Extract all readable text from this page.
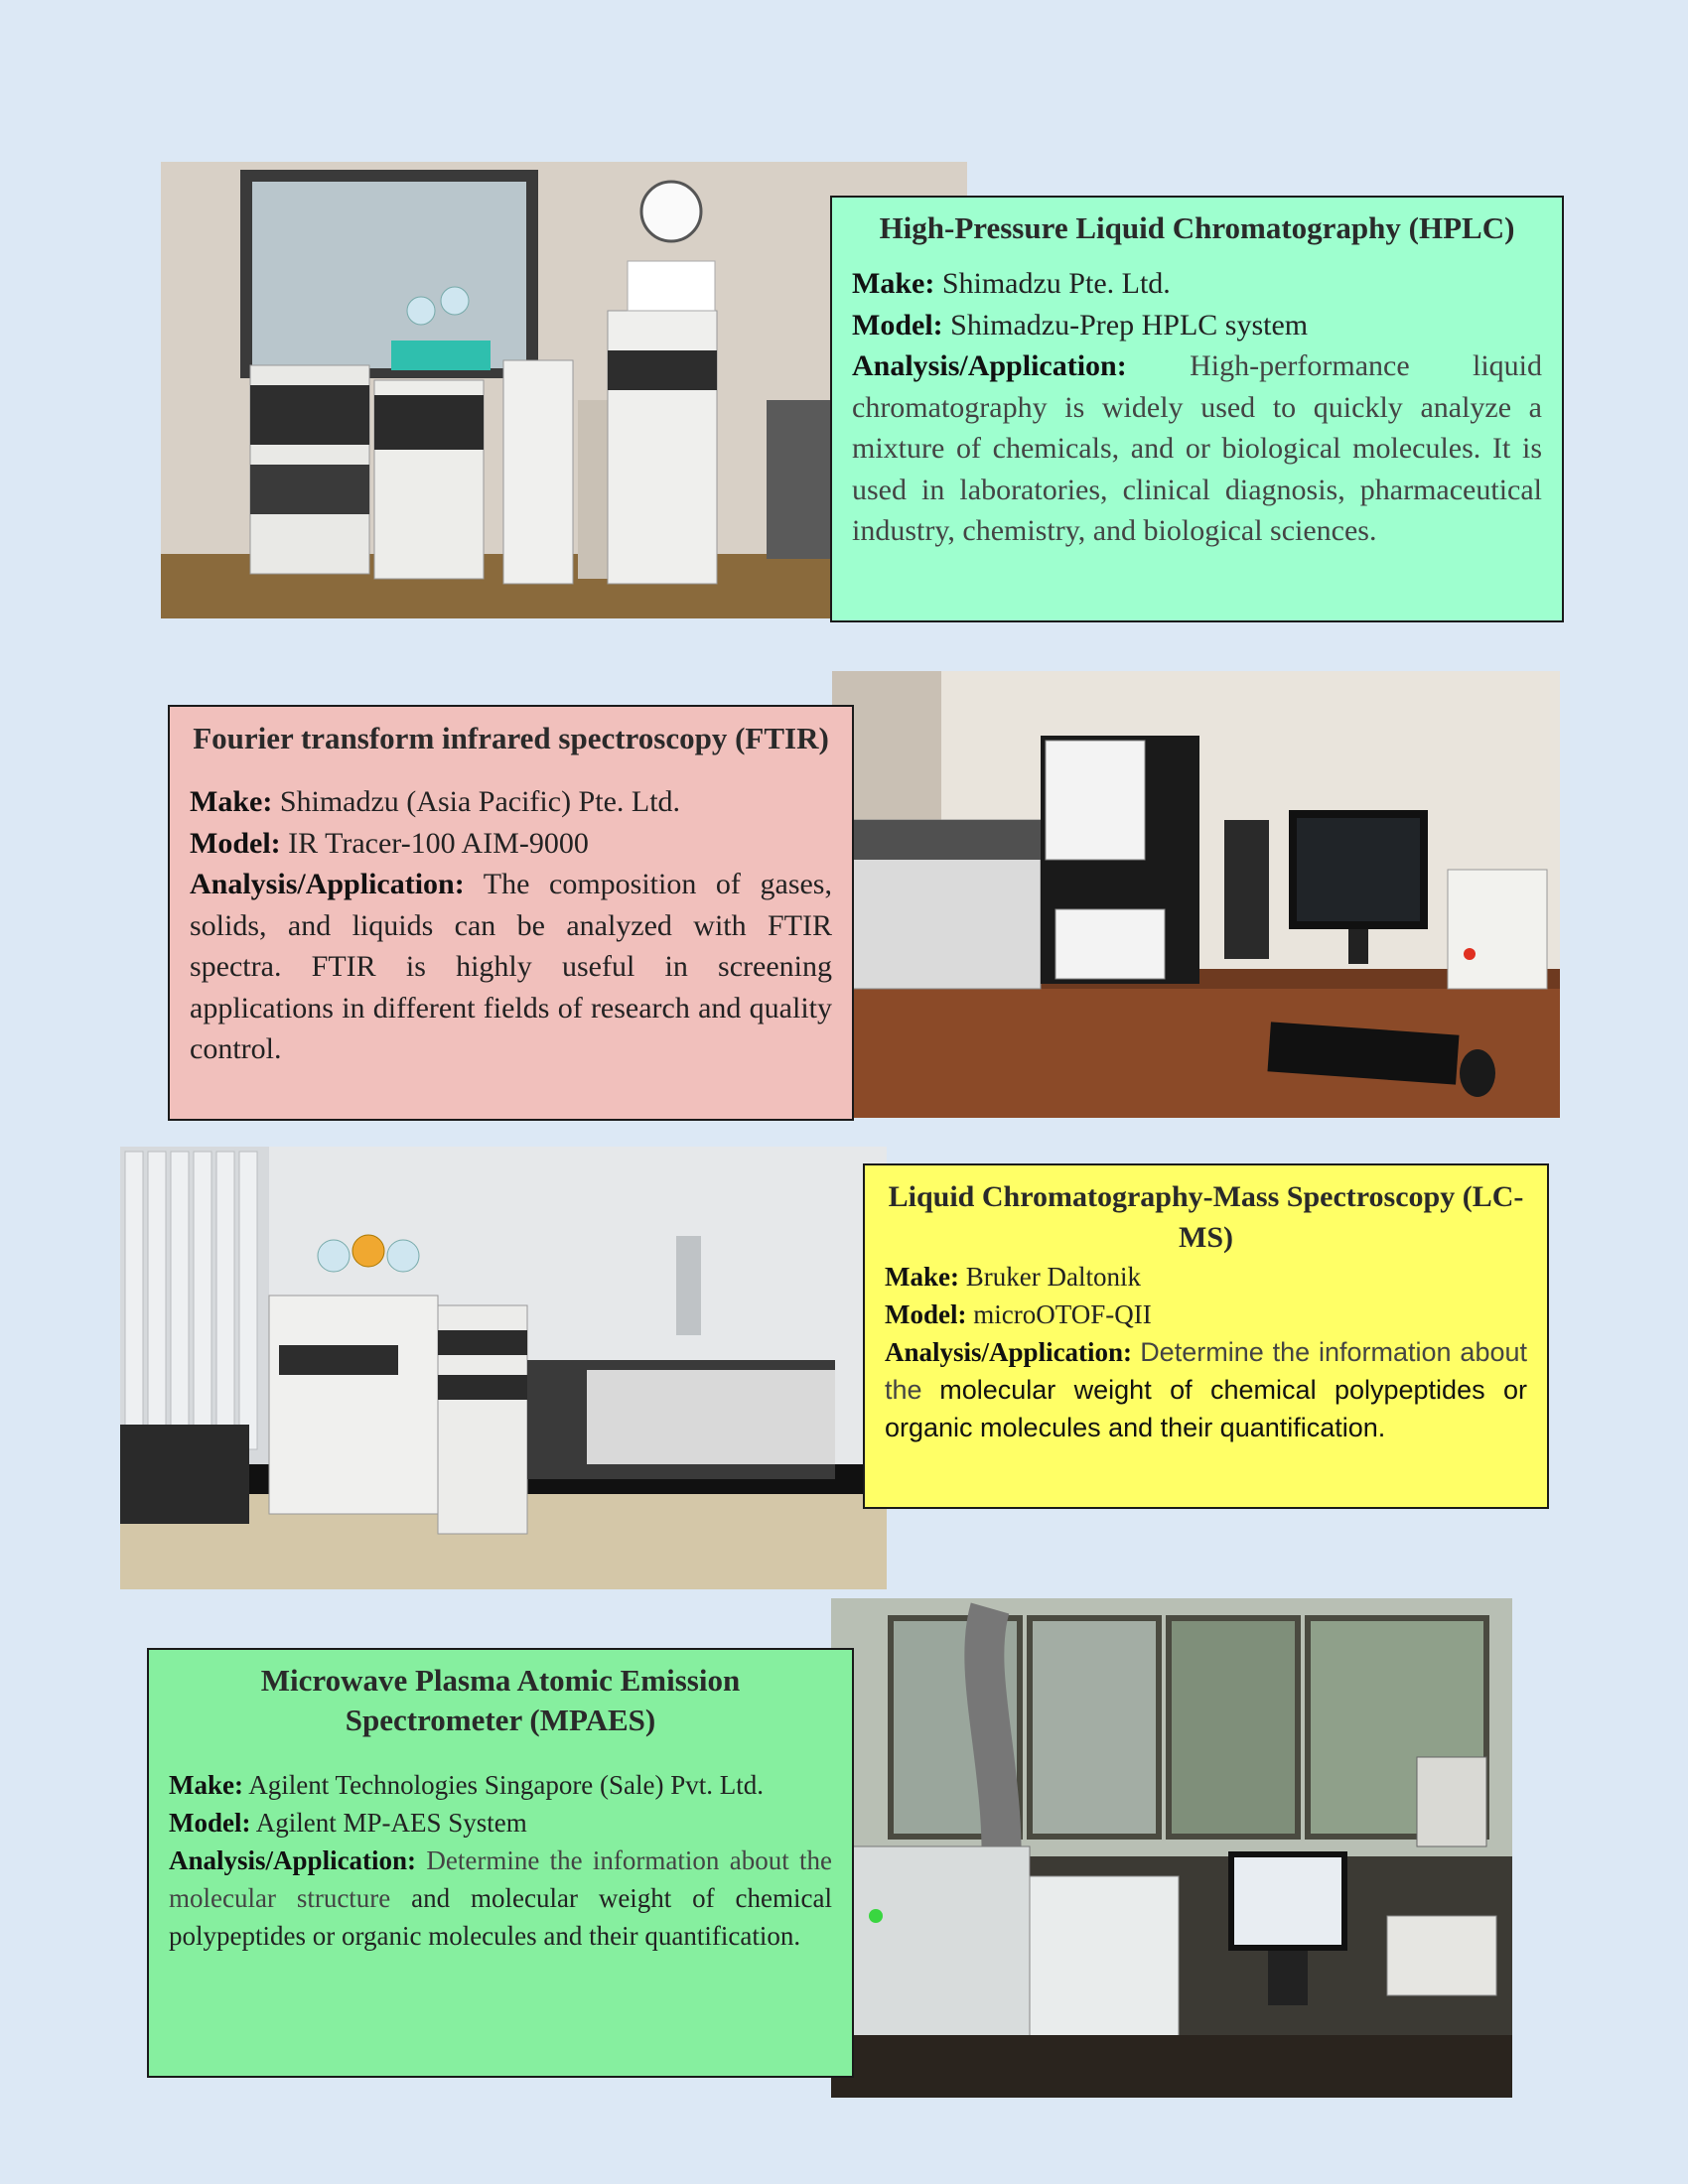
High-Pressure Liquid Chromatography (HPLC)

Make: Shimadzu Pte. Ltd.

Model: Shimadzu-Prep HPLC system

Analysis/Application: High-performance liquid chromatography is widely used to quickly analyze a mixture of chemicals, and or biological molecules. It is used in laboratories, clinical diagnosis, pharmaceutical industry, chemistry, and biological sciences.

Fourier transform infrared spectroscopy (FTIR)

Make: Shimadzu (Asia Pacific) Pte. Ltd.

Model: IR Tracer-100 AIM-9000

Analysis/Application: The composition of gases, solids, and liquids can be analyzed with FTIR spectra. FTIR is highly useful in screening applications in different fields of research and quality control.

Liquid Chromatography-Mass Spectroscopy (LC-MS)

Make: Bruker Daltonik

Model: microOTOF-QII

Analysis/Application: Determine the information about the molecular weight of chemical polypeptides or organic molecules and their quantification.

Microwave Plasma Atomic Emission Spectrometer (MPAES)

Make: Agilent Technologies Singapore (Sale) Pvt. Ltd.

Model: Agilent MP-AES System

Analysis/Application: Determine the information about the molecular structure and molecular weight of chemical polypeptides or organic molecules and their quantification.
